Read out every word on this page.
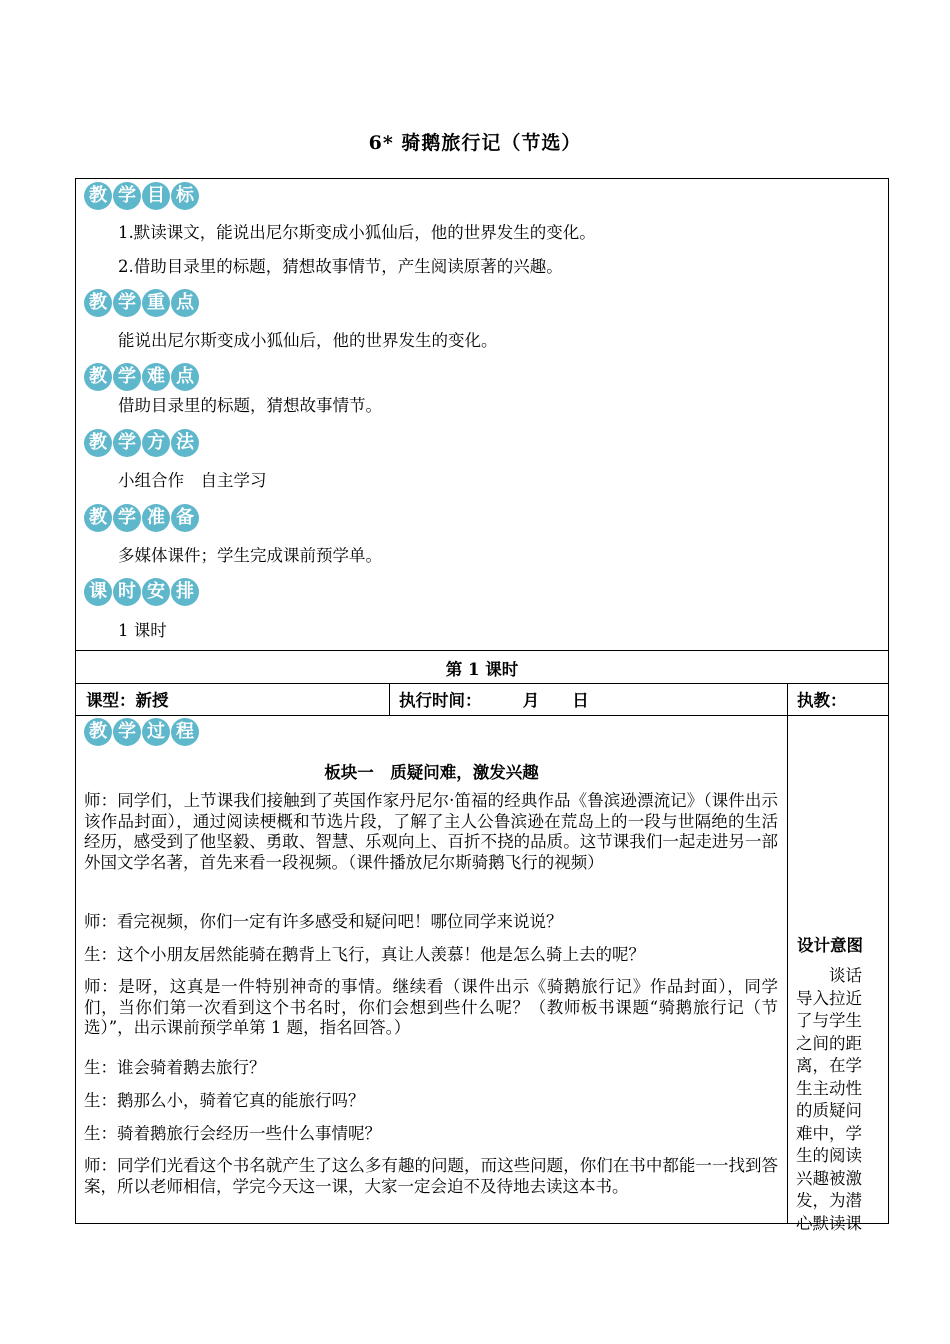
6* 骑鹅旅行记（节选）
教 学 目 标
1.默读课文，能说出尼尔斯变成小狐仙后，他的世界发生的变化。
2.借助目录里的标题，猜想故事情节，产生阅读原著的兴趣。
教 学 重 点
能说出尼尔斯变成小狐仙后，他的世界发生的变化。
教 学 难 点
借助目录里的标题，猜想故事情节。
教 学 方 法
小组合作　自主学习
教 学 准 备
多媒体课件；学生完成课前预学单。
课 时 安 排
1 课时
第 1 课时
课型：新授	执行时间：　　　月　　日	执教：
教 学 过 程
板块一　质疑问难，激发兴趣
师：同学们，上节课我们接触到了英国作家丹尼尔·笛福的经典作品《鲁滨逊漂流记》（课件出示该作品封面），通过阅读梗概和节选片段，了解了主人公鲁滨逊在荒岛上的一段与世隔绝的生活经历，感受到了他坚毅、勇敢、智慧、乐观向上、百折不挠的品质。这节课我们一起走进另一部外国文学名著，首先来看一段视频。（课件播放尼尔斯骑鹅飞行的视频）
师：看完视频，你们一定有许多感受和疑问吧！哪位同学来说说？
生：这个小朋友居然能骑在鹅背上飞行，真让人羡慕！他是怎么骑上去的呢？
师：是呀，这真是一件特别神奇的事情。继续看（课件出示《骑鹅旅行记》作品封面），同学们，当你们第一次看到这个书名时，你们会想到些什么呢？（教师板书课题“骑鹅旅行记（节选）”，出示课前预学单第 1 题，指名回答。）
生：谁会骑着鹅去旅行？
生：鹅那么小，骑着它真的能旅行吗？
生：骑着鹅旅行会经历一些什么事情呢？
师：同学们光看这个书名就产生了这么多有趣的问题，而这些问题，你们在书中都能一一找到答案，所以老师相信，学完今天这一课，大家一定会迫不及待地去读这本书。
设计意图
　　谈话导入拉近了与学生之间的距离，在学生主动性的质疑问难中，学生的阅读兴趣被激发，为潜心默读课
